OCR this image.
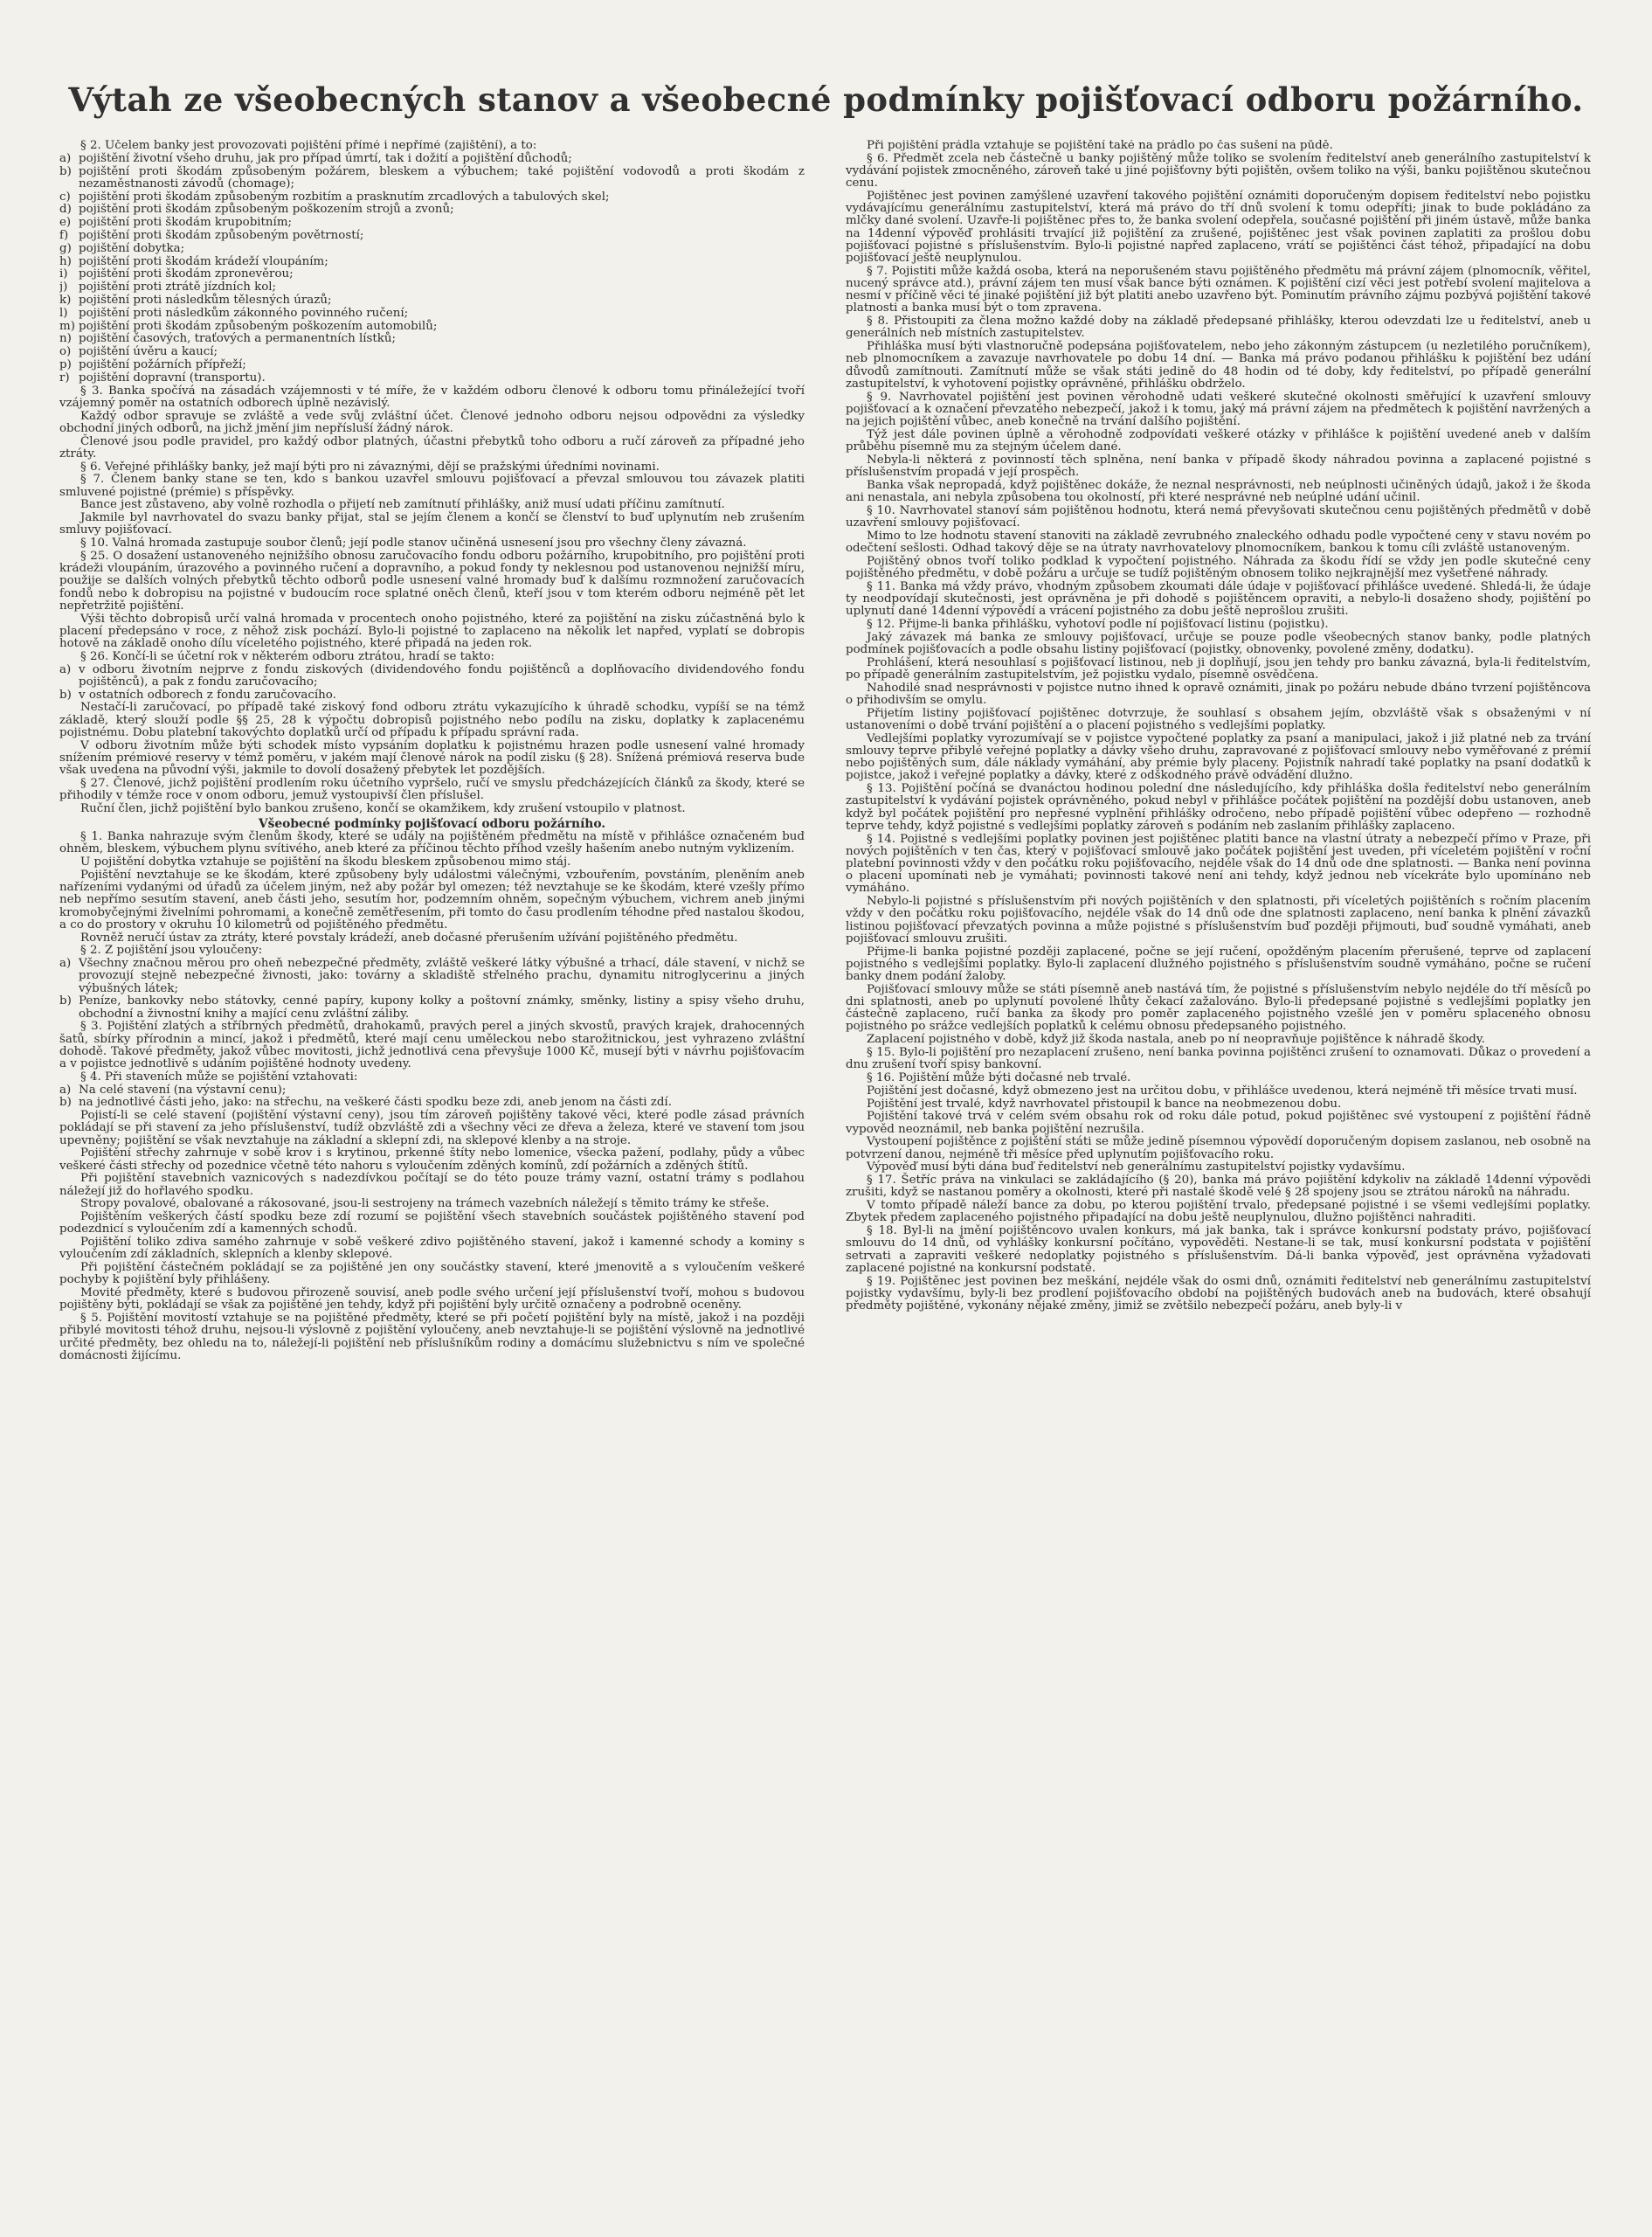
Výtah ze všeobecných stanov a všeobecné podmínky pojišťovací odboru požárního.

§ 2. Účelem banky jest provozovati pojištění přímé i nepřímé (zajištění), a to:

a) pojištění životní všeho druhu, jak pro případ úmrtí, tak i dožití a pojištění důchodů;

b) pojištění proti škodám způsobeným požárem, bleskem a výbuchem; také pojištění vodovodů a proti škodám z nezaměstnanosti závodů (chomage);

c) pojištění proti škodám způsobeným rozbitím a prasknutím zrcadlových a tabulových skel;

d) pojištění proti škodám způsobeným poškozením strojů a zvonů;

e) pojištění proti škodám krupobitním;

f) pojištění proti škodám způsobeným povětrností;

g) pojištění dobytka;

h) pojištění proti škodám krádeží vloupáním;

i) pojištění proti škodám zpronevěrou;

j) pojištění proti ztrátě jízdních kol;

k) pojištění proti následkům tělesných úrazů;

l) pojištění proti následkům zákonného povinného ručení;

m) pojištění proti škodám způsobeným poškozením automobilů;

n) pojištění časových, traťových a permanentních lístků;

o) pojištění úvěru a kaucí;

p) pojištění požárních přípřeží;

r) pojištění dopravní (transportu).

§ 3. Banka spočívá na zásadách vzájemnosti v té míře, že v každém odboru členové k odboru tomu přináležející tvoří vzájemný poměr na ostatních odborech úplně nezávislý.

Každý odbor spravuje se zvláště a vede svůj zvláštní účet. Členové jednoho odboru nejsou odpovědni za výsledky obchodní jiných odborů, na jichž jmění jim nepřísluší žádný nárok.

Členové jsou podle pravidel, pro každý odbor platných, účastni přebytků toho odboru a ručí zároveň za případné jeho ztráty.

§ 6. Veřejné přihlášky banky, jež mají býti pro ni závaznými, dějí se pražskými úředními novinami.

§ 7. Členem banky stane se ten, kdo s bankou uzavřel smlouvu pojišťovací a převzal smlouvou tou závazek platiti smluvené pojistné (prémie) s příspěvky.

Bance jest zůstaveno, aby volně rozhodla o přijetí neb zamítnutí přihlášky, aniž musí udati příčinu zamítnutí.

Jakmile byl navrhovatel do svazu banky přijat, stal se jejím členem a končí se členství to buď uplynutím neb zrušením smluvy pojišťovací.

§ 10. Valná hromada zastupuje soubor členů; její podle stanov učiněná usnesení jsou pro všechny členy závazná.

§ 25. O dosažení ustanoveného nejnižšího obnosu zaručovacího fondu odboru požárního, krupobitního, pro pojištění proti krádeži vloupáním, úrazového a povinného ručení a dopravního, a pokud fondy ty neklesnou pod ustanovenou nejnižší míru, použije se dalších volných přebytků těchto odborů podle usnesení valné hromady buď k dalšímu rozmnožení zaručovacích fondů nebo k dobropisu na pojistné v budoucím roce splatné oněch členů, kteří jsou v tom kterém odboru nejméně pět let nepřetržitě pojištění.

Výši těchto dobropisů určí valná hromada v procentech onoho pojistného, které za pojištění na zisku zúčastněná bylo k placení předepsáno v roce, z něhož zisk pochází. Bylo-li pojistné to zaplaceno na několik let napřed, vyplatí se dobropis hotově na základě onoho dílu víceletého pojistného, které připadá na jeden rok.

§ 26. Končí-li se účetní rok v některém odboru ztrátou, hradí se takto:

a) v odboru životním nejprve z fondu ziskových (dividendového fondu pojištěnců a doplňovacího dividendového fondu pojištěnců), a pak z fondu zaručovacího;

b) v ostatních odborech z fondu zaručovacího.

Nestačí-li zaručovací, po případě také ziskový fond odboru ztrátu vykazujícího k úhradě schodku, vypíší se na témž základě, který slouží podle §§ 25, 28 k výpočtu dobropisů pojistného nebo podílu na zisku, doplatky k zaplacenému pojistnému. Dobu platební takovýchto doplatků určí od případu k případu správní rada.

V odboru životním může býti schodek místo vypsáním doplatku k pojistnému hrazen podle usnesení valné hromady snížením prémiové reservy v témž poměru, v jakém mají členové nárok na podíl zisku (§ 28). Snížená prémiová reserva bude však uvedena na původní výši, jakmile to dovolí dosažený přebytek let pozdějších.

§ 27. Členové, jichž pojištění prodlením roku účetního vypršelo, ručí ve smyslu předcházejících článků za škody, které se přihodily v témže roce v onom odboru, jemuž vystoupivší člen příslušel.

Ruční člen, jichž pojištění bylo bankou zrušeno, končí se okamžikem, kdy zrušení vstoupilo v platnost.

Všeobecné podmínky pojišťovací odboru požárního.

§ 1. Banka nahrazuje svým členům škody, které se udály na pojištěném předmětu na místě v přihlášce označeném buď ohněm, bleskem, výbuchem plynu svítivého, aneb které za příčinou těchto příhod vzešly hašením anebo nutným vyklizením.

U pojištění dobytka vztahuje se pojištění na škodu bleskem způsobenou mimo stáj.

Pojištění nevztahuje se ke škodám, které způsobeny byly událostmi válečnými, vzbouřením, povstáním, pleněním aneb nařízeními vydanými od úřadů za účelem jiným, než aby požár byl omezen; též nevztahuje se ke škodám, které vzešly přímo neb nepřímo sesutím stavení, aneb části jeho, sesutím hor, podzemním ohněm, sopečným výbuchem, vichrem aneb jinými kromobyčejnými živelními pohromami, a konečně zemětřesením, při tomto do času prodlením téhodne před nastalou škodou, a co do prostory v okruhu 10 kilometrů od pojištěného předmětu.

Rovněž neručí ústav za ztráty, které povstaly krádeží, aneb dočasné přerušením užívání pojištěného předmětu.

§ 2. Z pojištění jsou vyloučeny:

a) Všechny značnou měrou pro oheň nebezpečné předměty, zvláště veškeré látky výbušné a trhací, dále stavení, v nichž se provozují stejně nebezpečné živnosti, jako: továrny a skladiště střelného prachu, dynamitu nitroglycerinu a jiných výbušných látek;

b) Peníze, bankovky nebo státovky, cenné papíry, kupony kolky a poštovní známky, směnky, listiny a spisy všeho druhu, obchodní a živnostní knihy a mající cenu zvláštní záliby.

§ 3. Pojištění zlatých a stříbrných předmětů, drahokamů, pravých perel a jiných skvostů, pravých krajek, drahocenných šatů, sbírky přírodnin a mincí, jakož i předmětů, které mají cenu uměleckou nebo starožitnickou, jest vyhrazeno zvláštní dohodě. Takové předměty, jakož vůbec movitosti, jichž jednotlivá cena převyšuje 1000 Kč, musejí býti v návrhu pojišťovacím a v pojistce jednotlivě s udáním pojištěné hodnoty uvedeny.

§ 4. Při staveních může se pojištění vztahovati:

a) Na celé stavení (na výstavní cenu);

b) na jednotlivé části jeho, jako: na střechu, na veškeré části spodku beze zdi, aneb jenom na části zdí.

Pojistí-li se celé stavení (pojištění výstavní ceny), jsou tím zároveň pojištěny takové věci, které podle zásad právních pokládají se při stavení za jeho příslušenství, tudíž obzvláště zdi a všechny věci ze dřeva a železa, které ve stavení tom jsou upevněny; pojištění se však nevztahuje na základní a sklepní zdi, na sklepové klenby a na stroje.

Pojištění střechy zahrnuje v sobě krov i s krytinou, prkenné štíty nebo lomenice, všecka pažení, podlahy, půdy a vůbec veškeré části střechy od pozednice včetně této nahoru s vyloučením zděných komínů, zdí požárních a zděných štítů.

Při pojištění stavebních vaznicových s nadezdívkou počítají se do této pouze trámy vazní, ostatní trámy s podlahou náležejí již do hořlavého spodku.

Stropy povalové, obalované a rákosované, jsou-li sestrojeny na trámech vazebních náležejí s těmito trámy ke střeše.

Pojištěním veškerých částí spodku beze zdí rozumí se pojištění všech stavebních součástek pojištěného stavení pod podezdnicí s vyloučením zdí a kamenných schodů.

Pojištění toliko zdiva samého zahrnuje v sobě veškeré zdivo pojištěného stavení, jakož i kamenné schody a kominy s vyloučením zdí základních, sklepních a klenby sklepové.

Při pojištění částečném pokládají se za pojištěné jen ony součástky stavení, které jmenovitě a s vyloučením veškeré pochyby k pojištění byly přihlášeny.

Movité předměty, které s budovou přirozeně souvisí, aneb podle svého určení její příslušenství tvoří, mohou s budovou pojištěny býti, pokládají se však za pojištěné jen tehdy, když při pojištění byly určitě označeny a podrobně oceněny.

§ 5. Pojištění movitostí vztahuje se na pojištěné předměty, které se při početí pojištění byly na místě, jakož i na později přibylé movitosti téhož druhu, nejsou-li výslovně z pojištění vyloučeny, aneb nevztahuje-li se pojištění výslovně na jednotlivé určité předměty, bez ohledu na to, náležejí-li pojištění neb příslušníkům rodiny a domácímu služebnictvu s ním ve společné domácnosti žijícímu.

Při pojištění prádla vztahuje se pojištění také na prádlo po čas sušení na půdě.

§ 6. Předmět zcela neb částečně u banky pojištěný může toliko se svolením ředitelství aneb generálního zastupitelství k vydávání pojistek zmocněného, zároveň také u jiné pojišťovny býti pojištěn, ovšem toliko na výši, banku pojištěnou skutečnou cenu.

Pojištěnec jest povinen zamýšlené uzavření takového pojištění oznámiti doporučeným dopisem ředitelství nebo pojistku vydávajícímu generálnímu zastupitelství, která má právo do tří dnů svolení k tomu odepříti; jinak to bude pokládáno za mlčky dané svolení. Uzavře-li pojištěnec přes to, že banka svolení odepřela, současné pojištění při jiném ústavě, může banka na 14denní výpověď prohlásiti trvající již pojištění za zrušené, pojištěnec jest však povinen zaplatiti za prošlou dobu pojišťovací pojistné s příslušenstvím. Bylo-li pojistné napřed zaplaceno, vrátí se pojištěnci část téhož, připadající na dobu pojišťovací ještě neuplynulou.

§ 7. Pojistiti může každá osoba, která na neporušeném stavu pojištěného předmětu má právní zájem (plnomocník, věřitel, nucený správce atd.), právní zájem ten musí však bance býti oznámen. K pojištění cizí věci jest potřebí svolení majitelova a nesmí v příčině věci té jinaké pojištění již být platiti anebo uzavřeno být. Pominutím právního zájmu pozbývá pojištění takové platnosti a banka musí být o tom zpravena.

§ 8. Přistoupiti za člena možno každé doby na základě předepsané přihlášky, kterou odevzdati lze u ředitelství, aneb u generálních neb místních zastupitelstev.

Přihláška musí býti vlastnoručně podepsána pojišťovatelem, nebo jeho zákonným zástupcem (u nezletilého poručníkem), neb plnomocníkem a zavazuje navrhovatele po dobu 14 dní. — Banka má právo podanou přihlášku k pojištění bez udání důvodů zamítnouti. Zamítnutí může se však státi jedině do 48 hodin od té doby, kdy ředitelství, po případě generální zastupitelství, k vyhotovení pojistky oprávněné, přihlášku obdrželo.

§ 9. Navrhovatel pojištění jest povinen věrohodně udati veškeré skutečné okolnosti směřující k uzavření smlouvy pojišťovací a k označení převzatého nebezpečí, jakož i k tomu, jaký má právní zájem na předmětech k pojištění navržených a na jejich pojištění vůbec, aneb konečně na trvání dalšího pojištění.

Týž jest dále povinen úplně a věrohodně zodpovídati veškeré otázky v přihlášce k pojištění uvedené aneb v dalším průběhu písemně mu za stejným účelem dané.

Nebyla-li některá z povinností těch splněna, není banka v případě škody náhradou povinna a zaplacené pojistné s příslušenstvím propadá v její prospěch.

Banka však nepropadá, když pojištěnec dokáže, že neznal nesprávnosti, neb neúplnosti učiněných údajů, jakož i že škoda ani nenastala, ani nebyla způsobena tou okolností, při které nesprávné neb neúplné udání učinil.

§ 10. Navrhovatel stanoví sám pojištěnou hodnotu, která nemá převyšovati skutečnou cenu pojištěných předmětů v době uzavření smlouvy pojišťovací.

Mimo to lze hodnotu stavení stanoviti na základě zevrubného znaleckého odhadu podle vypočtené ceny v stavu novém po odečtení sešlosti. Odhad takový děje se na útraty navrhovatelovy plnomocníkem, bankou k tomu cíli zvláště ustanoveným.

Pojištěný obnos tvoří toliko podklad k vypočtení pojistného. Náhrada za škodu řídí se vždy jen podle skutečné ceny pojištěného předmětu, v době požáru a určuje se tudíž pojištěným obnosem toliko nejkrajnější mez vyšetřené náhrady.

§ 11. Banka má vždy právo, vhodným způsobem zkoumati dále údaje v pojišťovací přihlášce uvedené. Shledá-li, že údaje ty neodpovídají skutečnosti, jest oprávněna je při dohodě s pojištěncem opraviti, a nebylo-li dosaženo shody, pojištění po uplynutí dané 14denní výpovědí a vrácení pojistného za dobu ještě neprošlou zrušiti.

§ 12. Přijme-li banka přihlášku, vyhotoví podle ní pojišťovací listinu (pojistku).

Jaký závazek má banka ze smlouvy pojišťovací, určuje se pouze podle všeobecných stanov banky, podle platných podmínek pojišťovacích a podle obsahu listiny pojišťovací (pojistky, obnovenky, povolené změny, dodatku).

Prohlášení, která nesouhlasí s pojišťovací listinou, neb ji doplňují, jsou jen tehdy pro banku závazná, byla-li ředitelstvím, po případě generálním zastupitelstvím, jež pojistku vydalo, písemně osvědčena.

Nahodilé snad nesprávnosti v pojistce nutno ihned k opravě oznámiti, jinak po požáru nebude dbáno tvrzení pojištěncova o přihodivším se omylu.

Přijetím listiny pojišťovací pojištěnec dotvrzuje, že souhlasí s obsahem jejím, obzvláště však s obsaženými v ní ustanoveními o době trvání pojištění a o placení pojistného s vedlejšími poplatky.

Vedlejšími poplatky vyrozumívají se v pojistce vypočtené poplatky za psaní a manipulaci, jakož i již platné neb za trvání smlouvy teprve přibylé veřejné poplatky a dávky všeho druhu, zapravované z pojišťovací smlouvy nebo vyměřované z prémií nebo pojištěných sum, dále náklady vymáhání, aby prémie byly placeny. Pojistník nahradí také poplatky na psaní dodatků k pojistce, jakož i veřejné poplatky a dávky, které z odškodného právě odvádění dlužno.

§ 13. Pojištění počíná se dvanáctou hodinou polední dne následujícího, kdy přihláška došla ředitelství nebo generálním zastupitelství k vydávání pojistek oprávněného, pokud nebyl v přihlášce počátek pojištění na pozdější dobu ustanoven, aneb když byl počátek pojištění pro nepřesné vyplnění přihlášky odročeno, nebo případě pojištění vůbec odepřeno — rozhodně teprve tehdy, když pojistné s vedlejšími poplatky zároveň s podáním neb zaslaním přihlášky zaplaceno.

§ 14. Pojistné s vedlejšími poplatky povinen jest pojištěnec platiti bance na vlastní útraty a nebezpečí přímo v Praze, při nových pojištěních v ten čas, který v pojišťovací smlouvě jako počátek pojištění jest uveden, při víceletém pojištění v roční platební povinnosti vždy v den počátku roku pojišťovacího, nejdéle však do 14 dnů ode dne splatnosti. — Banka není povinna o placení upomínati neb je vymáhati; povinnosti takové není ani tehdy, když jednou neb vícekráte bylo upomínáno neb vymáháno.

Nebylo-li pojistné s příslušenstvím při nových pojištěních v den splatnosti, při víceletých pojištěních s ročním placením vždy v den počátku roku pojišťovacího, nejdéle však do 14 dnů ode dne splatnosti zaplaceno, není banka k plnění závazků listinou pojišťovací převzatých povinna a může pojistné s příslušenstvím buď později přijmouti, buď soudně vymáhati, aneb pojišťovací smlouvu zrušiti.

Přijme-li banka pojistné později zaplacené, počne se její ručení, opožděným placením přerušené, teprve od zaplacení pojistného s vedlejšími poplatky. Bylo-li zaplacení dlužného pojistného s příslušenstvím soudně vymáháno, počne se ručení banky dnem podání žaloby.

Pojišťovací smlouvy může se státi písemně aneb nastává tím, že pojistné s příslušenstvím nebylo nejdéle do tří měsíců po dni splatnosti, aneb po uplynutí povolené lhůty čekací zažalováno. Bylo-li předepsané pojistné s vedlejšími poplatky jen částečně zaplaceno, ručí banka za škody pro poměr zaplaceného pojistného vzešlé jen v poměru splaceného obnosu pojistného po srážce vedlejších poplatků k celému obnosu předepsaného pojistného.

Zaplacení pojistného v době, když již škoda nastala, aneb po ní neopravňuje pojištěnce k náhradě škody.

§ 15. Bylo-li pojištění pro nezaplacení zrušeno, není banka povinna pojištěnci zrušení to oznamovati. Důkaz o provedení a dnu zrušení tvoří spisy bankovní.

§ 16. Pojištění může býti dočasné neb trvalé.

Pojištění jest dočasné, když obmezeno jest na určitou dobu, v přihlášce uvedenou, která nejméně tři měsíce trvati musí.

Pojištění jest trvalé, když navrhovatel přistoupil k bance na neobmezenou dobu.

Pojištění takové trvá v celém svém obsahu rok od roku dále potud, pokud pojištěnec své vystoupení z pojištění řádně vypověd neoznámil, neb banka pojištění nezrušila.

Vystoupení pojištěnce z pojištění státi se může jedině písemnou výpovědí doporučeným dopisem zaslanou, neb osobně na potvrzení danou, nejméně tři měsíce před uplynutím pojišťovacího roku.

Výpověď musí býti dána buď ředitelství neb generálnímu zastupitelství pojistky vydavšímu.

§ 17. Šetříc práva na vinkulaci se zakládajícího (§ 20), banka má právo pojištění kdykoliv na základě 14denní výpovědi zrušiti, když se nastanou poměry a okolnosti, které při nastalé škodě velé § 28 spojeny jsou se ztrátou nároků na náhradu.

V tomto případě náleží bance za dobu, po kterou pojištění trvalo, předepsané pojistné i se všemi vedlejšími poplatky. Zbytek předem zaplaceného pojistného připadající na dobu ještě neuplynulou, dlužno pojištěnci nahraditi.

§ 18. Byl-li na jmění pojištěncovo uvalen konkurs, má jak banka, tak i správce konkursní podstaty právo, pojišťovací smlouvu do 14 dnů, od vyhlášky konkursní počítáno, vypověděti. Nestane-li se tak, musí konkursní podstata v pojištění setrvati a zapraviti veškeré nedoplatky pojistného s příslušenstvím. Dá-li banka výpověď, jest oprávněna vyžadovati zaplacené pojistné na konkursní podstatě.

§ 19. Pojištěnec jest povinen bez meškání, nejdéle však do osmi dnů, oznámiti ředitelství neb generálnímu zastupitelství pojistky vydavšímu, byly-li bez prodlení pojišťovacího období na pojištěných budovách aneb na budovách, které obsahují předměty pojištěné, vykonány nějaké změny, jimiž se zvětšilo nebezpečí požáru, aneb byly-li v
